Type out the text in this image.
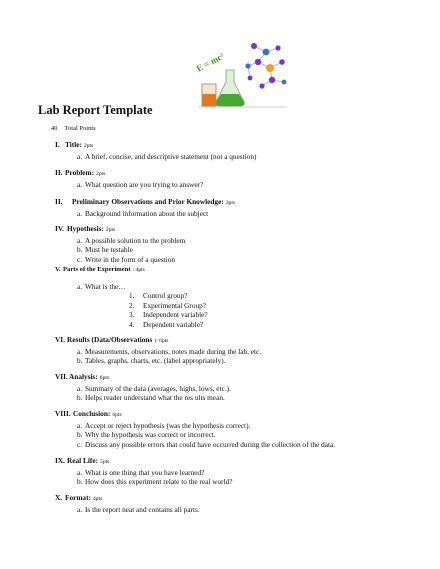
E = mc²
Lab Report Template
40 Total Points
I. Title: 2pts
a. A brief, concise, and descriptive statement (not a question)
II. Problem: 2pts
a. What question are you trying to answer?
II. Preliminary Observations and Prior Knowledge: 3pts
a. Background information about the subject
IV. Hypothesis: 2pts
a. A possible solution to the problem
b. Must be testable
c. Write in the form of a question
V. Parts of the Experiment : 4pts
a. What is the…
1. Control group?
2. Experimental Group?
3. Independent variable?
4. Dependent variable?
VI. Results (Data/Observations ): 6pts
a. Measurements, observations, notes made during the lab, etc.
b. Tables, graphs, charts, etc. (label appropriately).
VII.Analysis: 6pts
a. Summary of the data (averages, highs, lows, etc.).
b. Helps reader understand what the res ults mean.
VIII. Conclusion: 6pts
a. Accept or reject hypothesis (was the hypothesis correct).
b. Why the hypothesis was correct or incorrect.
c. Discuss any possible errors that could have occurred during the collection of the data.
IX. Real Life: 5pts
a. What is one thing that you have learned?
b. How does this experiment relate to the real world?
X. Format: 4pts
a. Is the report neat and contains all parts.
